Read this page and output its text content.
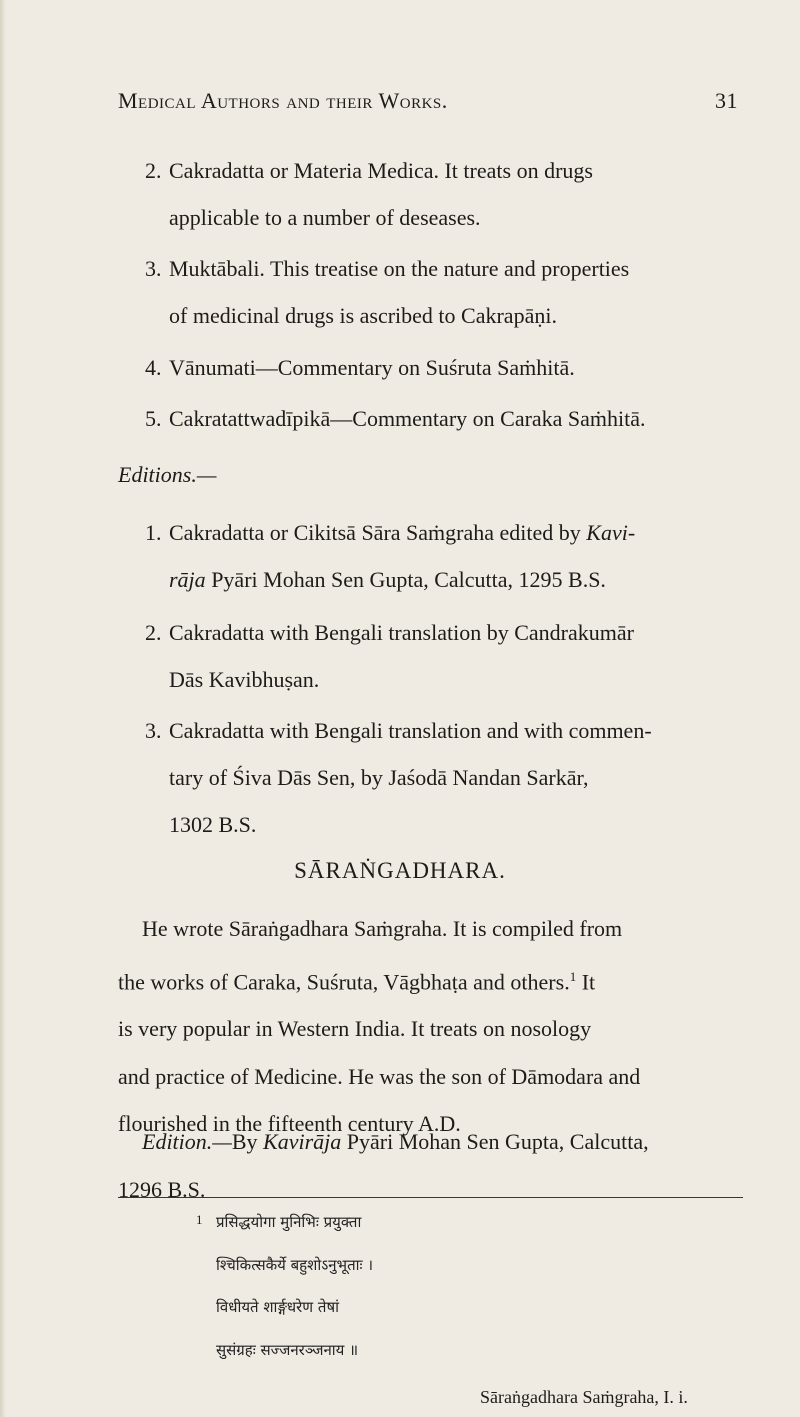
Medical Authors and their Works.	31
2. Cakradatta or Materia Medica. It treats on drugs
applicable to a number of deseases.
3. Muktābali. This treatise on the nature and properties
of medicinal drugs is ascribed to Cakrapāṇi.
4. Vānumati—Commentary on Suśruta Saṁhitā.
5. Cakratattwadīpikā—Commentary on Caraka Saṁhitā.
Editions.—
1. Cakradatta or Cikitsā Sāra Saṁgraha edited by Kavi-
rāja Pyāri Mohan Sen Gupta, Calcutta, 1295 B.S.
2. Cakradatta with Bengali translation by Candrakumār
Dās Kavibhuṣan.
3. Cakradatta with Bengali translation and with commen-
tary of Śiva Dās Sen, by Jaśodā Nandan Sarkār,
1302 B.S.
SĀRAṄGADHARA.
He wrote Sāraṅgadhara Saṁgraha. It is compiled from
the works of Caraka, Suśruta, Vāgbhaṭa and others.$^1$ It
is very popular in Western India. It treats on nosology
and practice of Medicine. He was the son of Dāmodara and
flourished in the fifteenth century A.D.
Edition.—By Kavirāja Pyāri Mohan Sen Gupta, Calcutta,
1296 B.S.
1 प्रसिद्धयोगा मुनिभिः प्रयुक्ता
श्चिकित्सकैर्ये बहुशोऽनुभूताः ।
विधीयते शार्ङ्गधरेण तेषां
सुसंग्रहः सज्जनरञ्जनाय ॥
Sāraṅgadhara Saṁgraha, I. i.
